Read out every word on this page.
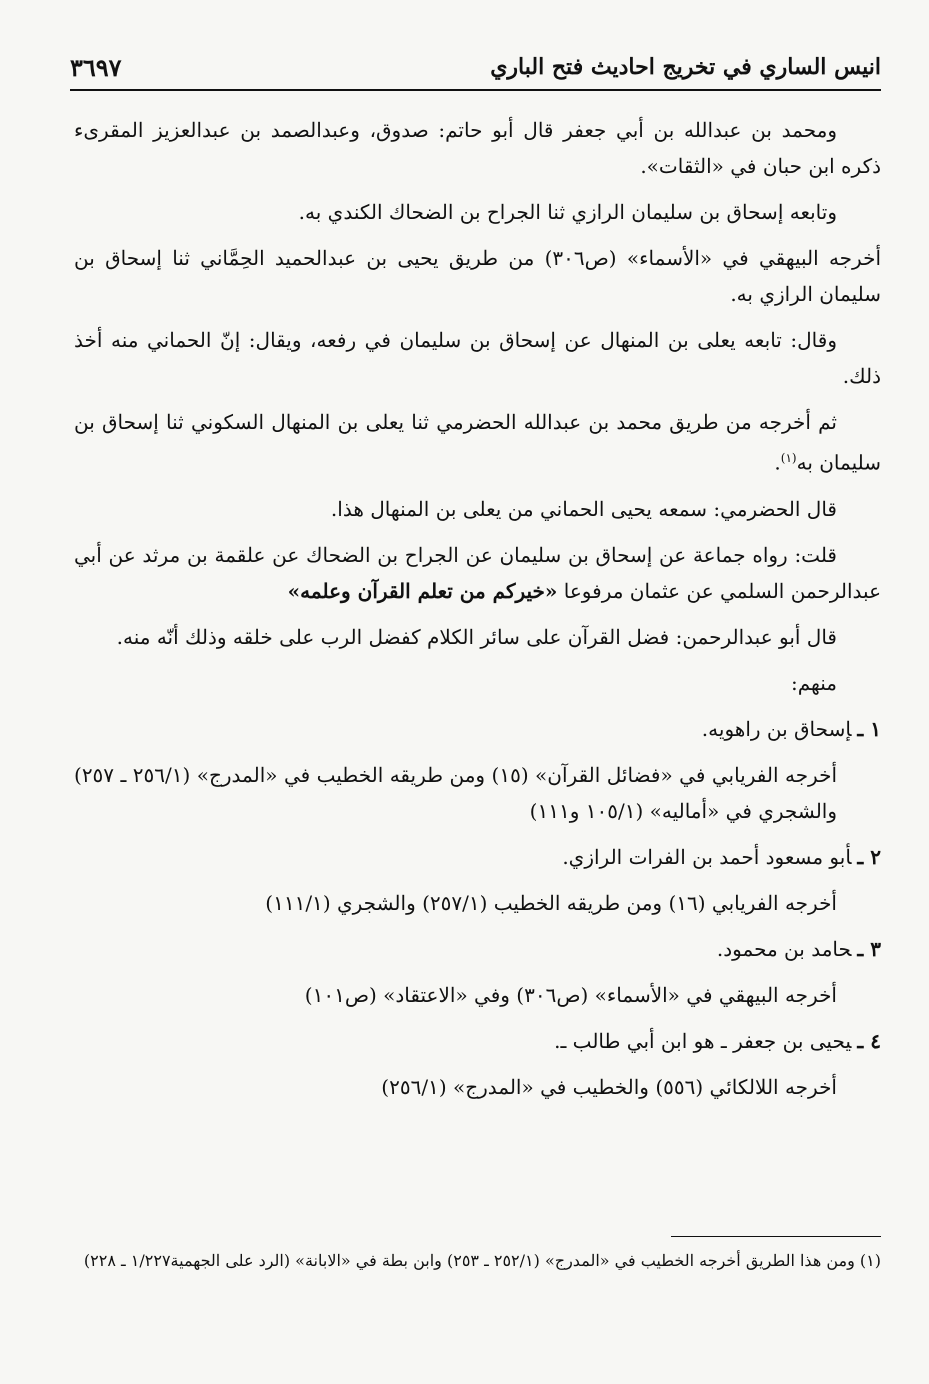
انيس الساري في تخريج احاديث فتح الباري
٣٦٩٧

ومحمد بن عبدالله بن أبي جعفر قال أبو حاتم: صدوق، وعبدالصمد بن عبدالعزيز المقرىء ذكره ابن حبان في «الثقات».

وتابعه إسحاق بن سليمان الرازي ثنا الجراح بن الضحاك الكندي به.

أخرجه البيهقي في «الأسماء» (ص٣٠٦) من طريق يحيى بن عبدالحميد الحِمَّاني ثنا إسحاق بن سليمان الرازي به.

وقال: تابعه يعلى بن المنهال عن إسحاق بن سليمان في رفعه، ويقال: إنّ الحماني منه أخذ ذلك.

ثم أخرجه من طريق محمد بن عبدالله الحضرمي ثنا يعلى بن المنهال السكوني ثنا إسحاق بن سليمان به$^{(١)}$.

قال الحضرمي: سمعه يحيى الحماني من يعلى بن المنهال هذا.

قلت: رواه جماعة عن إسحاق بن سليمان عن الجراح بن الضحاك عن علقمة بن مرثد عن أبي عبدالرحمن السلمي عن عثمان مرفوعا «خيركم من تعلم القرآن وعلمه»

قال أبو عبدالرحمن: فضل القرآن على سائر الكلام كفضل الرب على خلقه وذلك أنّه منه.

منهم:

١ ـإسحاق بن راهويه.

أخرجه الفريابي في «فضائل القرآن» (١٥) ومن طريقه الخطيب في «المدرج» (٢٥٦/١ ـ ٢٥٧) والشجري في «أماليه» (١٠٥/١ و١١١)

٢ ـأبو مسعود أحمد بن الفرات الرازي.

أخرجه الفريابي (١٦) ومن طريقه الخطيب (٢٥٧/١) والشجري (١١١/١)

٣ ـحامد بن محمود.

أخرجه البيهقي في «الأسماء» (ص٣٠٦) وفي «الاعتقاد» (ص١٠١)

٤ ـيحيى بن جعفر ـ هو ابن أبي طالب ـ.

أخرجه اللالكائي (٥٥٦) والخطيب في «المدرج» (٢٥٦/١)

(١) ومن هذا الطريق أخرجه الخطيب في «المدرج» (٢٥٢/١ ـ ٢٥٣) وابن بطة في «الابانة» (الرد على الجهمية١/٢٢٧ ـ ٢٢٨)
